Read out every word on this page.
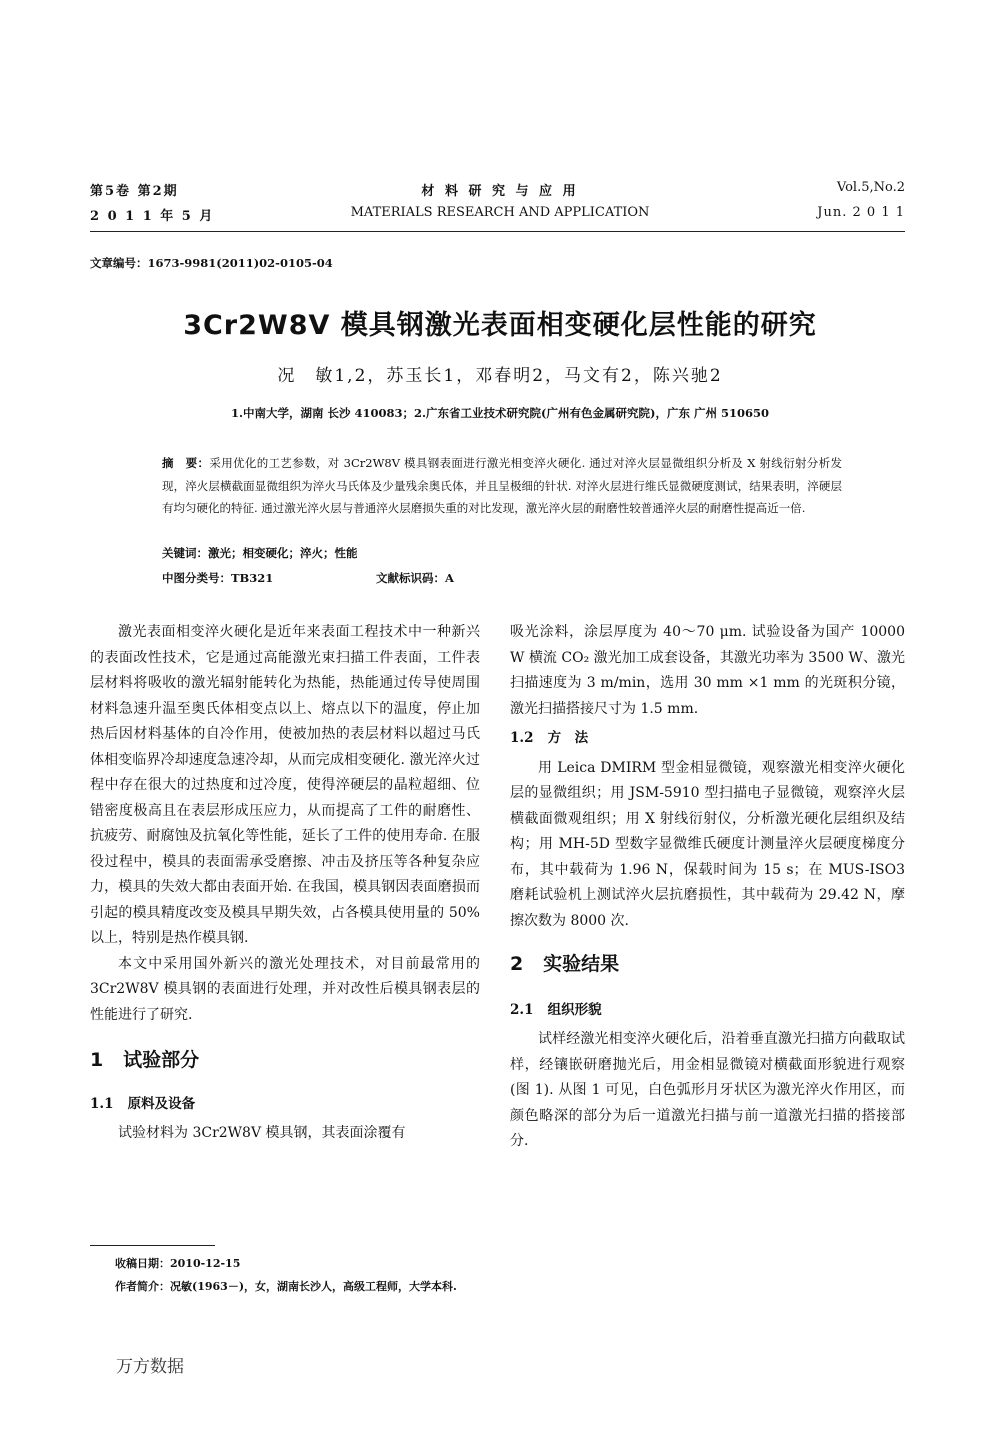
第5卷 第2期
2 0 1 1 年 5 月
材 料 研 究 与 应 用
MATERIALS RESEARCH AND APPLICATION
Vol.5,No.2
Jun. 2 0 1 1
文章编号：1673-9981(2011)02-0105-04
3Cr2W8V 模具钢激光表面相变硬化层性能的研究
况　敏1,2，苏玉长1，邓春明2，马文有2，陈兴驰2
1.中南大学，湖南 长沙 410083；2.广东省工业技术研究院(广州有色金属研究院)，广东 广州 510650
摘　要：采用优化的工艺参数，对 3Cr2W8V 模具钢表面进行激光相变淬火硬化. 通过对淬火层显微组织分析及 X 射线衍射分析发现，淬火层横截面显微组织为淬火马氏体及少量残余奥氏体，并且呈极细的针状. 对淬火层进行维氏显微硬度测试，结果表明，淬硬层有均匀硬化的特征. 通过激光淬火层与普通淬火层磨损失重的对比发现，激光淬火层的耐磨性较普通淬火层的耐磨性提高近一倍.
关键词：激光；相变硬化；淬火；性能
中图分类号：TB321	文献标识码：A

激光表面相变淬火硬化是近年来表面工程技术中一种新兴的表面改性技术，它是通过高能激光束扫描工件表面，工件表层材料将吸收的激光辐射能转化为热能，热能通过传导使周围材料急速升温至奥氏体相变点以上、熔点以下的温度，停止加热后因材料基体的自冷作用，使被加热的表层材料以超过马氏体相变临界冷却速度急速冷却，从而完成相变硬化. 激光淬火过程中存在很大的过热度和过冷度，使得淬硬层的晶粒超细、位错密度极高且在表层形成压应力，从而提高了工件的耐磨性、抗疲劳、耐腐蚀及抗氧化等性能，延长了工件的使用寿命. 在服役过程中，模具的表面需承受磨擦、冲击及挤压等各种复杂应力，模具的失效大都由表面开始. 在我国，模具钢因表面磨损而引起的模具精度改变及模具早期失效，占各模具使用量的 50% 以上，特别是热作模具钢.

本文中采用国外新兴的激光处理技术，对目前最常用的 3Cr2W8V 模具钢的表面进行处理，并对改性后模具钢表层的性能进行了研究.

1 试验部分
1.1 原料及设备

试验材料为 3Cr2W8V 模具钢，其表面涂覆有

吸光涂料，涂层厚度为 40～70 μm. 试验设备为国产 10000 W 横流 CO₂ 激光加工成套设备，其激光功率为 3500 W、激光扫描速度为 3 m/min，选用 30 mm ×1 mm 的光斑积分镜，激光扫描搭接尺寸为 1.5 mm.

1.2 方　法

用 Leica DMIRM 型金相显微镜，观察激光相变淬火硬化层的显微组织；用 JSM-5910 型扫描电子显微镜，观察淬火层横截面微观组织；用 X 射线衍射仪，分析激光硬化层组织及结构；用 MH-5D 型数字显微维氏硬度计测量淬火层硬度梯度分布，其中载荷为 1.96 N，保载时间为 15 s；在 MUS-ISO3 磨耗试验机上测试淬火层抗磨损性，其中载荷为 29.42 N，摩擦次数为 8000 次.

2 实验结果
2.1 组织形貌

试样经激光相变淬火硬化后，沿着垂直激光扫描方向截取试样，经镶嵌研磨抛光后，用金相显微镜对横截面形貌进行观察(图 1). 从图 1 可见，白色弧形月牙状区为激光淬火作用区，而颜色略深的部分为后一道激光扫描与前一道激光扫描的搭接部分.

收稿日期：2010-12-15
作者简介：况敏(1963－)，女，湖南长沙人，高级工程师，大学本科.
万方数据
